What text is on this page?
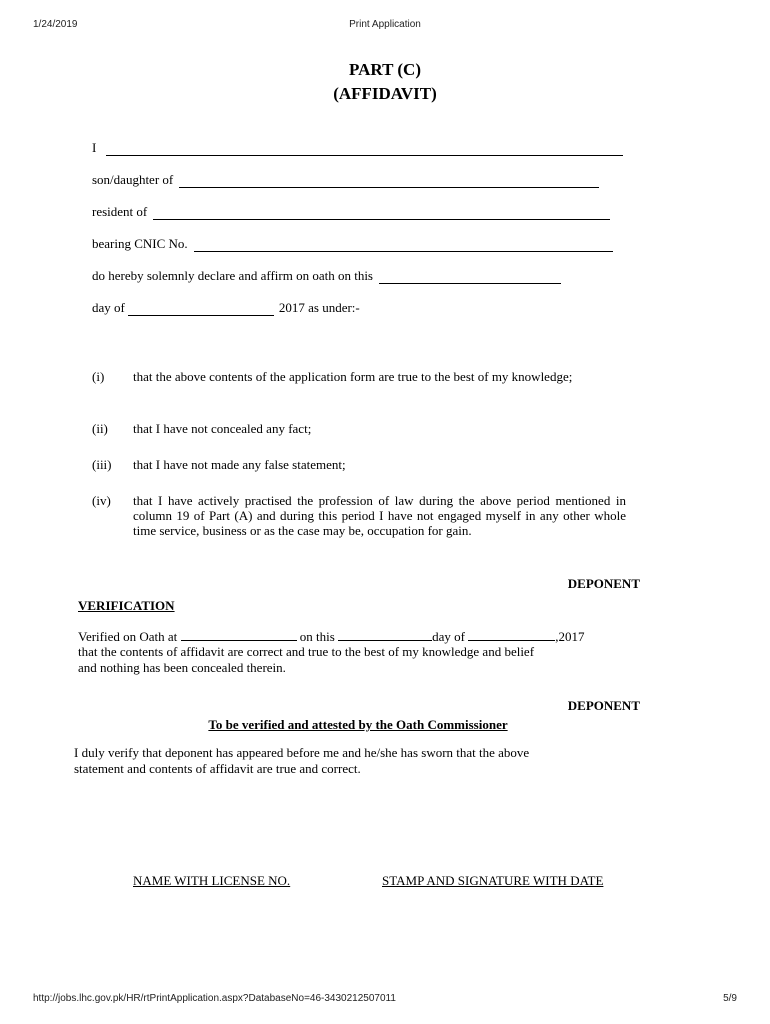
1/24/2019	Print Application
PART (C)
(AFFIDAVIT)
I
son/daughter of
resident of
bearing CNIC No.
do hereby solemnly declare and affirm on oath on this
day of	2017 as under:-
(i) that the above contents of the application form are true to the best of my knowledge;
(ii) that I have not concealed any fact;
(iii) that I have not made any false statement;
(iv) that I have actively practised the profession of law during the above period mentioned in column 19 of Part (A) and during this period I have not engaged myself in any other whole time service, business or as the case may be, occupation for gain.
DEPONENT
VERIFICATION
Verified on Oath at	on this	day of	,2017
that the contents of affidavit are correct and true to the best of my knowledge and belief
and nothing has been concealed therein.
DEPONENT
To be verified and attested by the Oath Commissioner
I duly verify that deponent has appeared before me and he/she has sworn that the above
statement and contents of affidavit are true and correct.
NAME WITH LICENSE NO.	STAMP AND SIGNATURE WITH DATE
http://jobs.lhc.gov.pk/HR/rtPrintApplication.aspx?DatabaseNo=46-3430212507011	5/9
